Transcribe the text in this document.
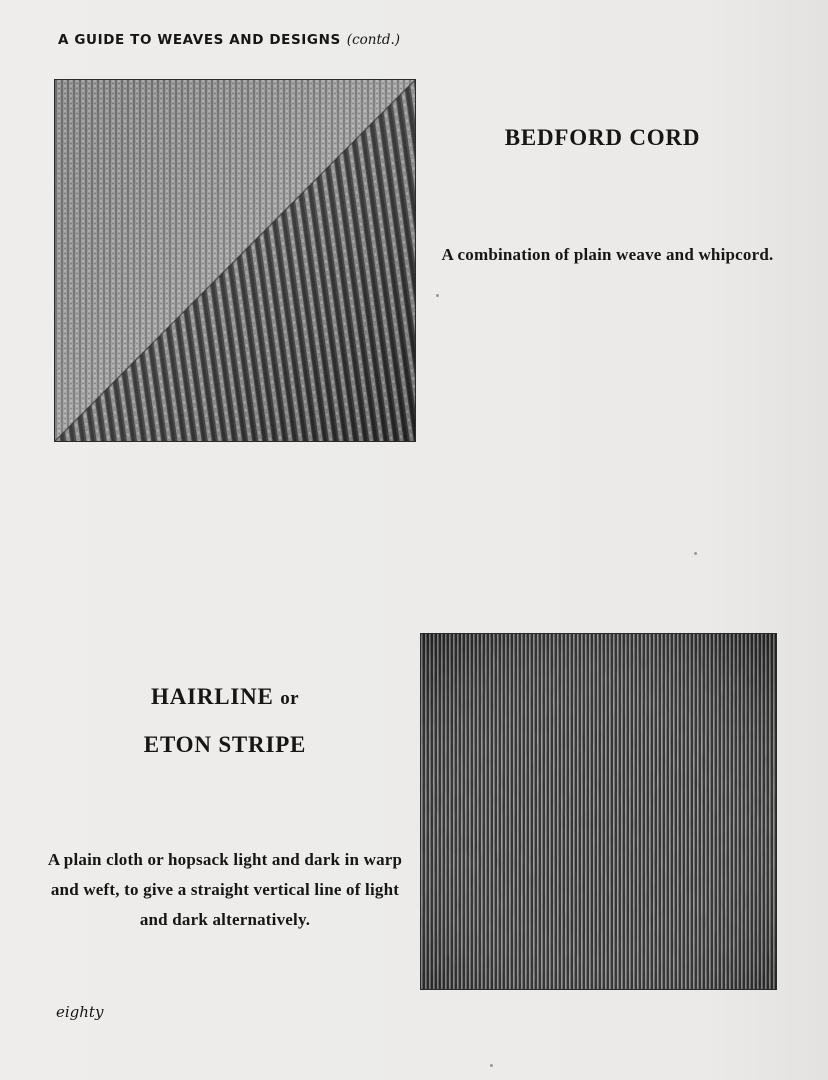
A GUIDE TO WEAVES AND DESIGNS (contd.)
BEDFORD CORD
A combination of plain weave and whipcord.
HAIRLINE or
ETON STRIPE
A plain cloth or hopsack light and dark in warp and weft, to give a straight vertical line of light and dark alternatively.
eighty
